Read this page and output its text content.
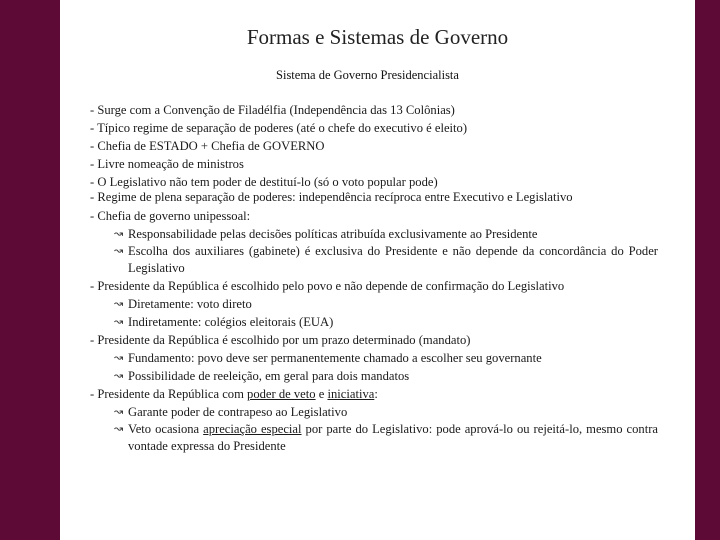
Formas e Sistemas de Governo
Sistema de Governo Presidencialista
- Surge com a Convenção de Filadélfia (Independência das 13 Colônias)
- Típico regime de separação de poderes (até o chefe do executivo é eleito)
- Chefia de ESTADO + Chefia de GOVERNO
- Livre nomeação de ministros
- O Legislativo não tem poder de destituí-lo (só o voto popular pode)
- Regime de plena separação de poderes: independência recíproca entre Executivo e Legislativo
- Chefia de governo unipessoal:
↝ Responsabilidade pelas decisões políticas atribuída exclusivamente ao Presidente
↝ Escolha dos auxiliares (gabinete) é exclusiva do Presidente e não depende da concordância do Poder Legislativo
- Presidente da República é escolhido pelo povo e não depende de confirmação do Legislativo
↝ Diretamente: voto direto
↝ Indiretamente: colégios eleitorais (EUA)
- Presidente da República é escolhido por um prazo determinado (mandato)
↝ Fundamento: povo deve ser permanentemente chamado a escolher seu governante
↝ Possibilidade de reeleição, em geral para dois mandatos
- Presidente da República com poder de veto e iniciativa:
↝ Garante poder de contrapeso ao Legislativo
↝ Veto ocasiona apreciação especial por parte do Legislativo: pode aprová-lo ou rejeitá-lo, mesmo contra vontade expressa do Presidente
